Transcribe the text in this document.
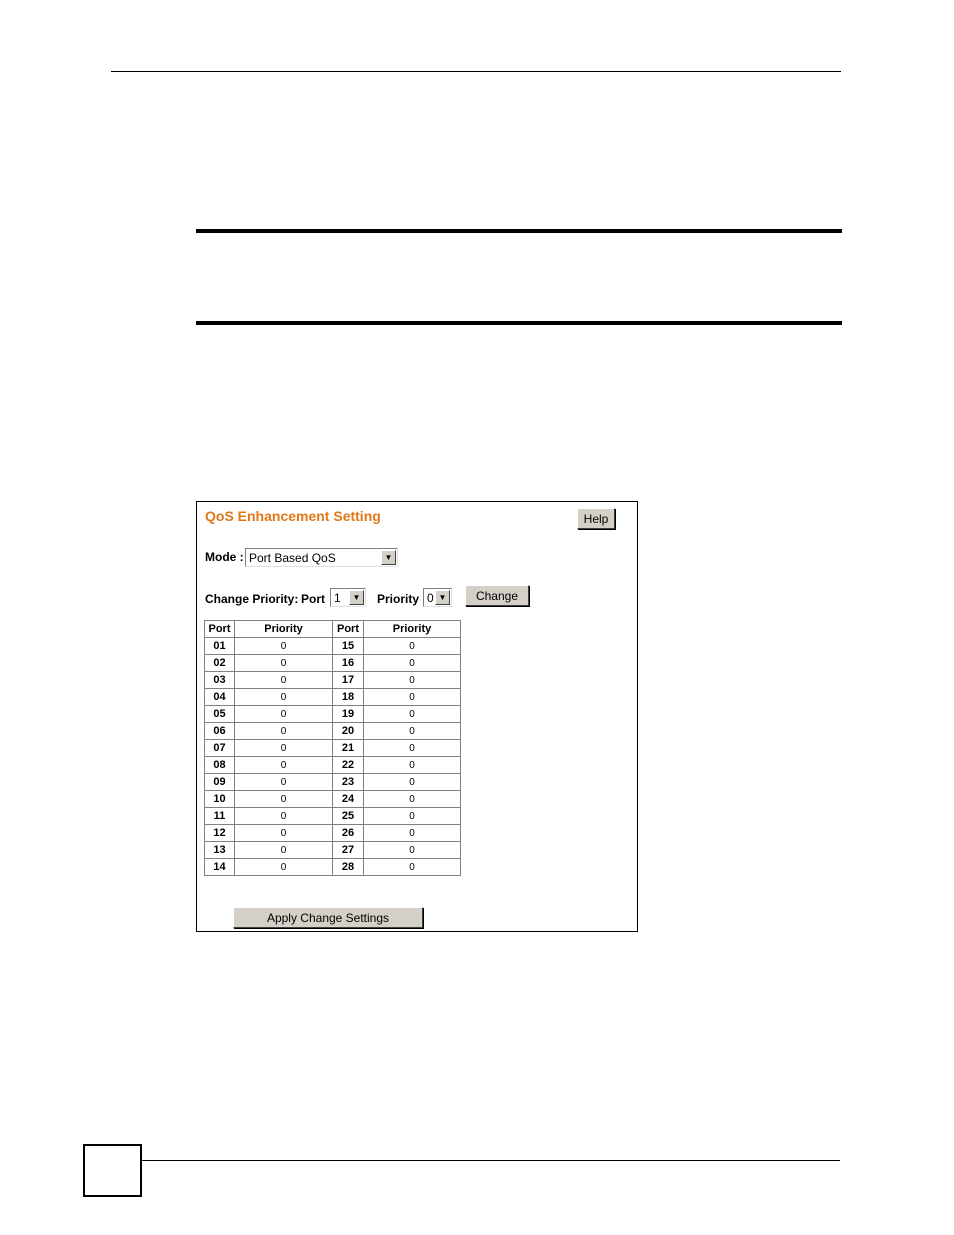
QoS Enhancement Setting	Help
Mode : Port Based QoS	▼
Change Priority: Port 1	▼ Priority 0 ▼	Change
Port	Priority	Port	Priority
01	0	15	0
02	0	16	0
03	0	17	0
04	0	18	0
05	0	19	0
06	0	20	0
07	0	21	0
08	0	22	0
09	0	23	0
10	0	24	0
11	0	25	0
12	0	26	0
13	0	27	0
14	0	28	0
Apply Change Settings
